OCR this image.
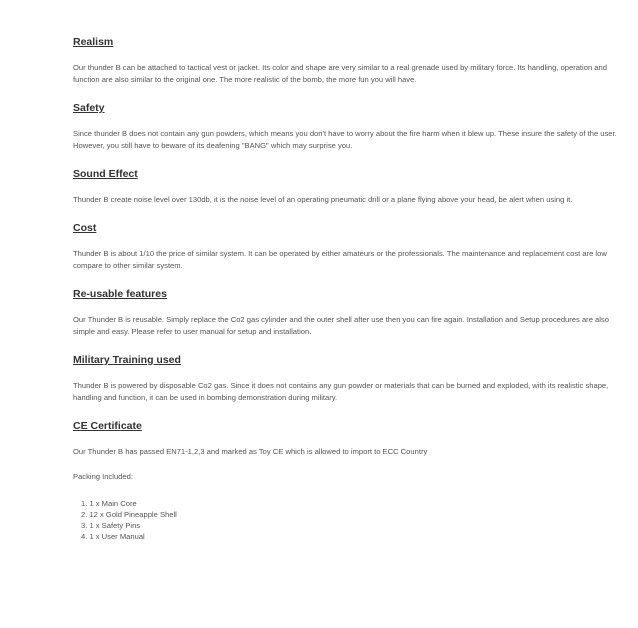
Realism

Our thunder B can be attached to tactical vest or jacket. Its color and shape are very similar to a real grenade used by military force. Its handling, operation and function are also similar to the original one. The more realistic of the bomb, the more fun you will have.

Safety

Since thunder B does not contain any gun powders, which means you don't have to worry about the fire harm when it blew up. These insure the safety of the user. However, you still have to beware of its deafening "BANG" which may surprise you.

Sound Effect

Thunder B create noise level over 130db, it is the noise level of an operating pneumatic drill or a plane flying above your head, be alert when using it.

Cost

Thunder B is about 1/10 the price of similar system. It can be operated by either amateurs or the professionals. The maintenance and replacement cost are low compare to other similar system.

Re-usable features

Our Thunder B is reusable. Simply replace the Co2 gas cylinder and the outer shell after use then you can fire again. Installation and Setup procedures are also simple and easy. Please refer to user manual for setup and installation.

Military Training used

Thunder B is powered by disposable Co2 gas. Since it does not contains any gun powder or materials that can be burned and exploded, with its realistic shape, handling and function, it can be used in bombing demonstration during military.

CE Certificate

Our Thunder B has passed EN71-1,2,3 and marked as Toy CE which is allowed to import to ECC Country

Packing Included:

1. 1 x Main Core
2. 12 x Gold Pineapple Shell
3. 1 x Safety Pins
4. 1 x User Manual
